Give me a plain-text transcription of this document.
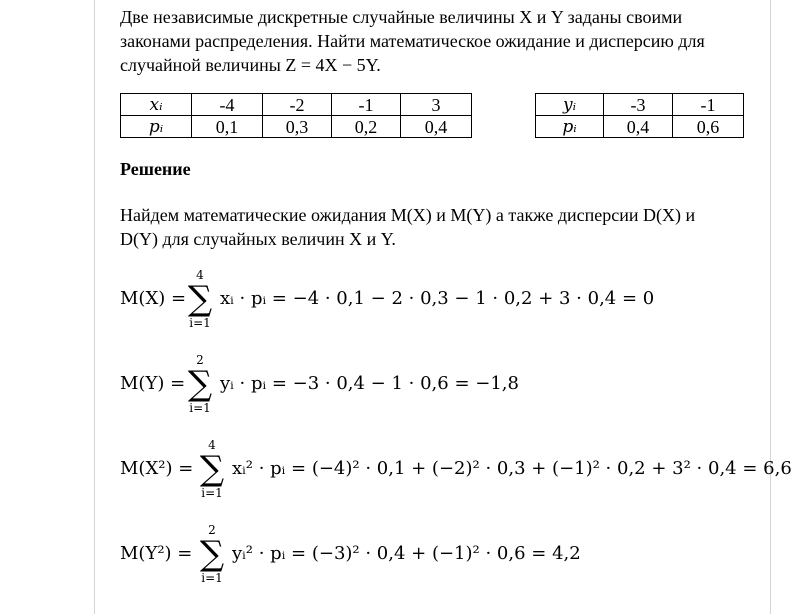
Две независимые дискретные случайные величины X и Y заданы своими
законами распределения. Найти математическое ожидание и дисперсию для
случайной величины Z = 4X − 5Y.
xᵢ	-4	-2	-1	3
pᵢ	0,1	0,3	0,2	0,4
yᵢ	-3	-1
pᵢ	0,4	0,6
Решение
Найдем математические ожидания M(X) и M(Y) а также дисперсии D(X) и
D(Y) для случайных величин X и Y.
M(X) =
4
∑
i=1
xᵢ · pᵢ = −4 · 0,1 − 2 · 0,3 − 1 · 0,2 + 3 · 0,4 = 0
M(Y) =
2
∑
i=1
yᵢ · pᵢ = −3 · 0,4 − 1 · 0,6 = −1,8
M(X²) =
4
∑
i=1
xᵢ² · pᵢ = (−4)² · 0,1 + (−2)² · 0,3 + (−1)² · 0,2 + 3² · 0,4 = 6,6
M(Y²) =
2
∑
i=1
yᵢ² · pᵢ = (−3)² · 0,4 + (−1)² · 0,6 = 4,2
